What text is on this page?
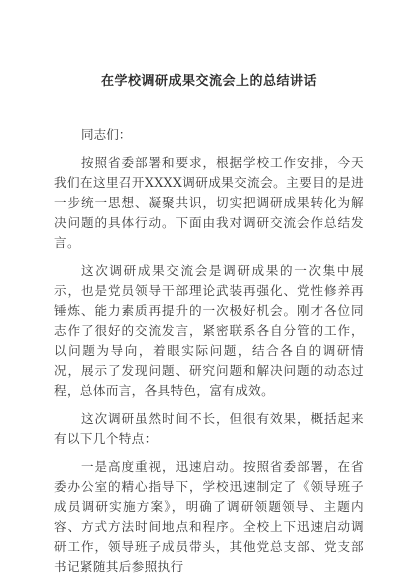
在学校调研成果交流会上的总结讲话

同志们：

按照省委部署和要求，根据学校工作安排，今天我们在这里召开XXXX调研成果交流会。主要目的是进一步统一思想、凝聚共识，切实把调研成果转化为解决问题的具体行动。下面由我对调研交流会作总结发言。

这次调研成果交流会是调研成果的一次集中展示，也是党员领导干部理论武装再强化、党性修养再锤炼、能力素质再提升的一次极好机会。刚才各位同志作了很好的交流发言，紧密联系各自分管的工作，以问题为导向，着眼实际问题，结合各自的调研情况，展示了发现问题、研究问题和解决问题的动态过程，总体而言，各具特色，富有成效。

这次调研虽然时间不长，但很有效果，概括起来有以下几个特点：

一是高度重视，迅速启动。按照省委部署，在省委办公室的精心指导下，学校迅速制定了《领导班子成员调研实施方案》，明确了调研领题领导、主题内容、方式方法时间地点和程序。全校上下迅速启动调研工作，领导班子成员带头，其他党总支部、党支部书记紧随其后参照执行
